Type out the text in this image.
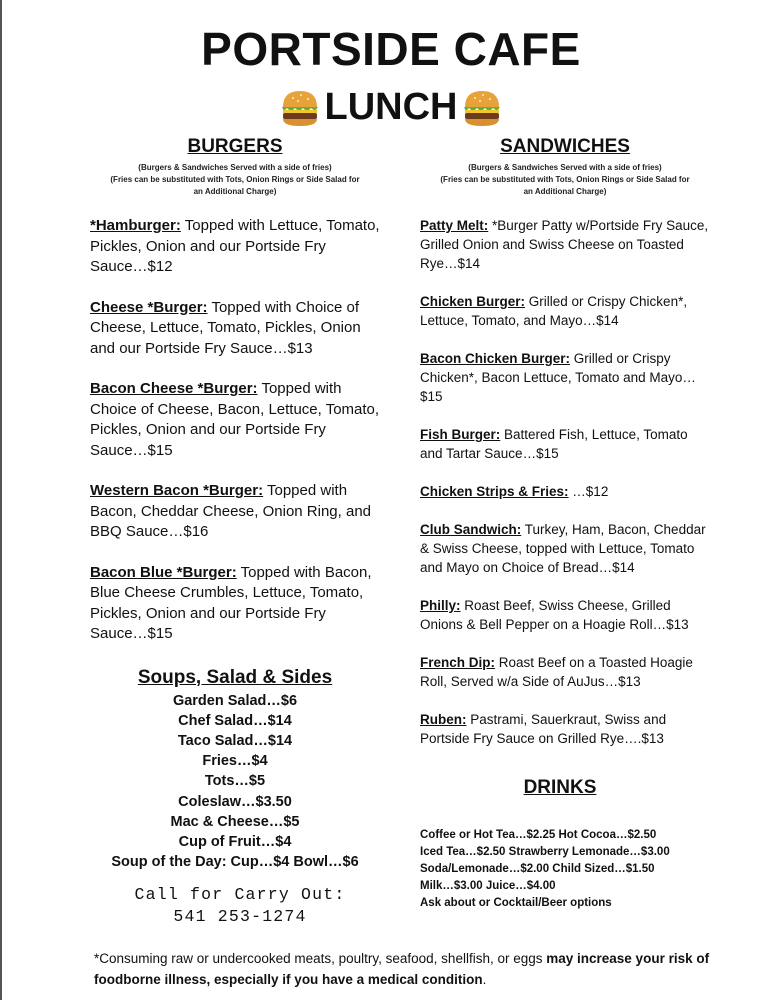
PORTSIDE CAFE
LUNCH
BURGERS
(Burgers & Sandwiches Served with a side of fries)
(Fries can be substituted with Tots, Onion Rings or Side Salad for
an Additional Charge)
*Hamburger: Topped with Lettuce, Tomato, Pickles, Onion and our Portside Fry Sauce…$12
Cheese *Burger: Topped with Choice of Cheese, Lettuce, Tomato, Pickles, Onion and our Portside Fry Sauce…$13
Bacon Cheese *Burger: Topped with Choice of Cheese, Bacon, Lettuce, Tomato, Pickles, Onion and our Portside Fry Sauce…$15
Western Bacon *Burger: Topped with Bacon, Cheddar Cheese, Onion Ring, and BBQ Sauce…$16
Bacon Blue *Burger: Topped with Bacon, Blue Cheese Crumbles, Lettuce, Tomato, Pickles, Onion and our Portside Fry Sauce…$15
Soups, Salad & Sides
Garden Salad…$6
Chef Salad…$14
Taco Salad…$14
Fries…$4
Tots…$5
Coleslaw…$3.50
Mac & Cheese…$5
Cup of Fruit…$4
Soup of the Day: Cup…$4 Bowl…$6
Call for Carry Out:
541 253-1274
SANDWICHES
(Burgers & Sandwiches Served with a side of fries)
(Fries can be substituted with Tots, Onion Rings or Side Salad for
an Additional Charge)
Patty Melt: *Burger Patty w/Portside Fry Sauce, Grilled Onion and Swiss Cheese on Toasted Rye…$14
Chicken Burger: Grilled or Crispy Chicken*, Lettuce, Tomato, and Mayo…$14
Bacon Chicken Burger: Grilled or Crispy Chicken*, Bacon Lettuce, Tomato and Mayo…$15
Fish Burger: Battered Fish, Lettuce, Tomato and Tartar Sauce…$15
Chicken Strips & Fries: …$12
Club Sandwich: Turkey, Ham, Bacon, Cheddar & Swiss Cheese, topped with Lettuce, Tomato and Mayo on Choice of Bread…$14
Philly: Roast Beef, Swiss Cheese, Grilled Onions & Bell Pepper on a Hoagie Roll…$13
French Dip: Roast Beef on a Toasted Hoagie Roll, Served w/a Side of AuJus…$13
Ruben: Pastrami, Sauerkraut, Swiss and Portside Fry Sauce on Grilled Rye….$13
DRINKS
Coffee or Hot Tea…$2.25 Hot Cocoa…$2.50
Iced Tea…$2.50 Strawberry Lemonade…$3.00
Soda/Lemonade…$2.00 Child Sized…$1.50
Milk…$3.00 Juice…$4.00
Ask about or Cocktail/Beer options
*Consuming raw or undercooked meats, poultry, seafood, shellfish, or eggs may increase your risk of foodborne illness, especially if you have a medical condition.
